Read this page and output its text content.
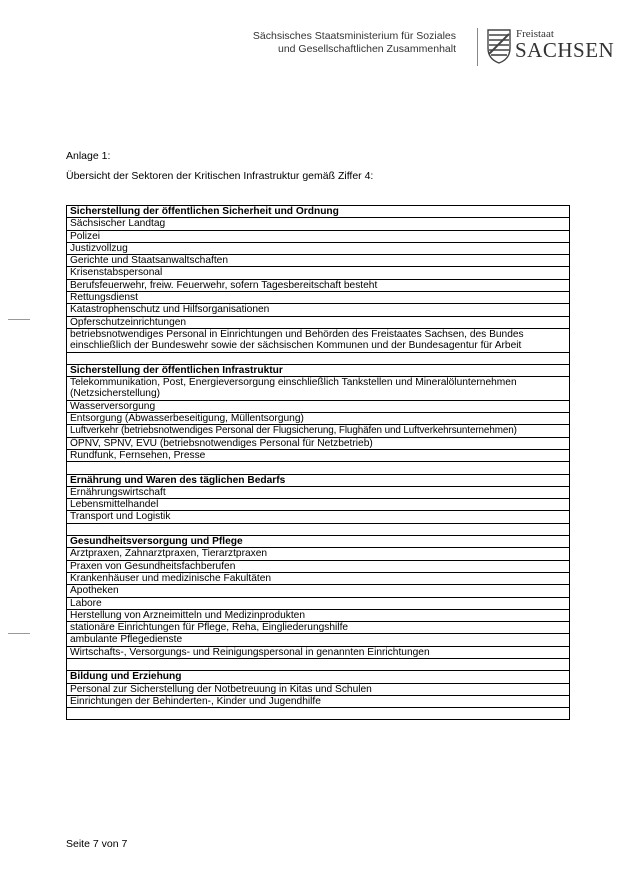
Sächsisches Staatsministerium für Soziales
und Gesellschaftlichen Zusammenhalt
Freistaat
SACHSEN
Anlage 1:
Übersicht der Sektoren der Kritischen Infrastruktur gemäß Ziffer 4:
Sicherstellung der öffentlichen Sicherheit und Ordnung
Sächsischer Landtag
Polizei
Justizvollzug
Gerichte und Staatsanwaltschaften
Krisenstabspersonal
Berufsfeuerwehr, freiw. Feuerwehr, sofern Tagesbereitschaft besteht
Rettungsdienst
Katastrophenschutz und Hilfsorganisationen
Opferschutzeinrichtungen
betriebsnotwendiges Personal in Einrichtungen und Behörden des Freistaates Sachsen, des Bundes einschließlich der Bundeswehr sowie der sächsischen Kommunen und der Bundesagentur für Arbeit

Sicherstellung der öffentlichen Infrastruktur
Telekommunikation, Post, Energieversorgung einschließlich Tankstellen und Mineralölunternehmen (Netzsicherstellung)
Wasserversorgung
Entsorgung (Abwasserbeseitigung, Müllentsorgung)
Luftverkehr (betriebsnotwendiges Personal der Flugsicherung, Flughäfen und Luftverkehrsunternehmen)
ÖPNV, SPNV, EVU (betriebsnotwendiges Personal für Netzbetrieb)
Rundfunk, Fernsehen, Presse

Ernährung und Waren des täglichen Bedarfs
Ernährungswirtschaft
Lebensmittelhandel
Transport und Logistik

Gesundheitsversorgung und Pflege
Arztpraxen, Zahnarztpraxen, Tierarztpraxen
Praxen von Gesundheitsfachberufen
Krankenhäuser und medizinische Fakultäten
Apotheken
Labore
Herstellung von Arzneimitteln und Medizinprodukten
stationäre Einrichtungen für Pflege, Reha, Eingliederungshilfe
ambulante Pflegedienste
Wirtschafts-, Versorgungs- und Reinigungspersonal in genannten Einrichtungen

Bildung und Erziehung
Personal zur Sicherstellung der Notbetreuung in Kitas und Schulen
Einrichtungen der Behinderten-, Kinder und Jugendhilfe

Seite 7 von 7
